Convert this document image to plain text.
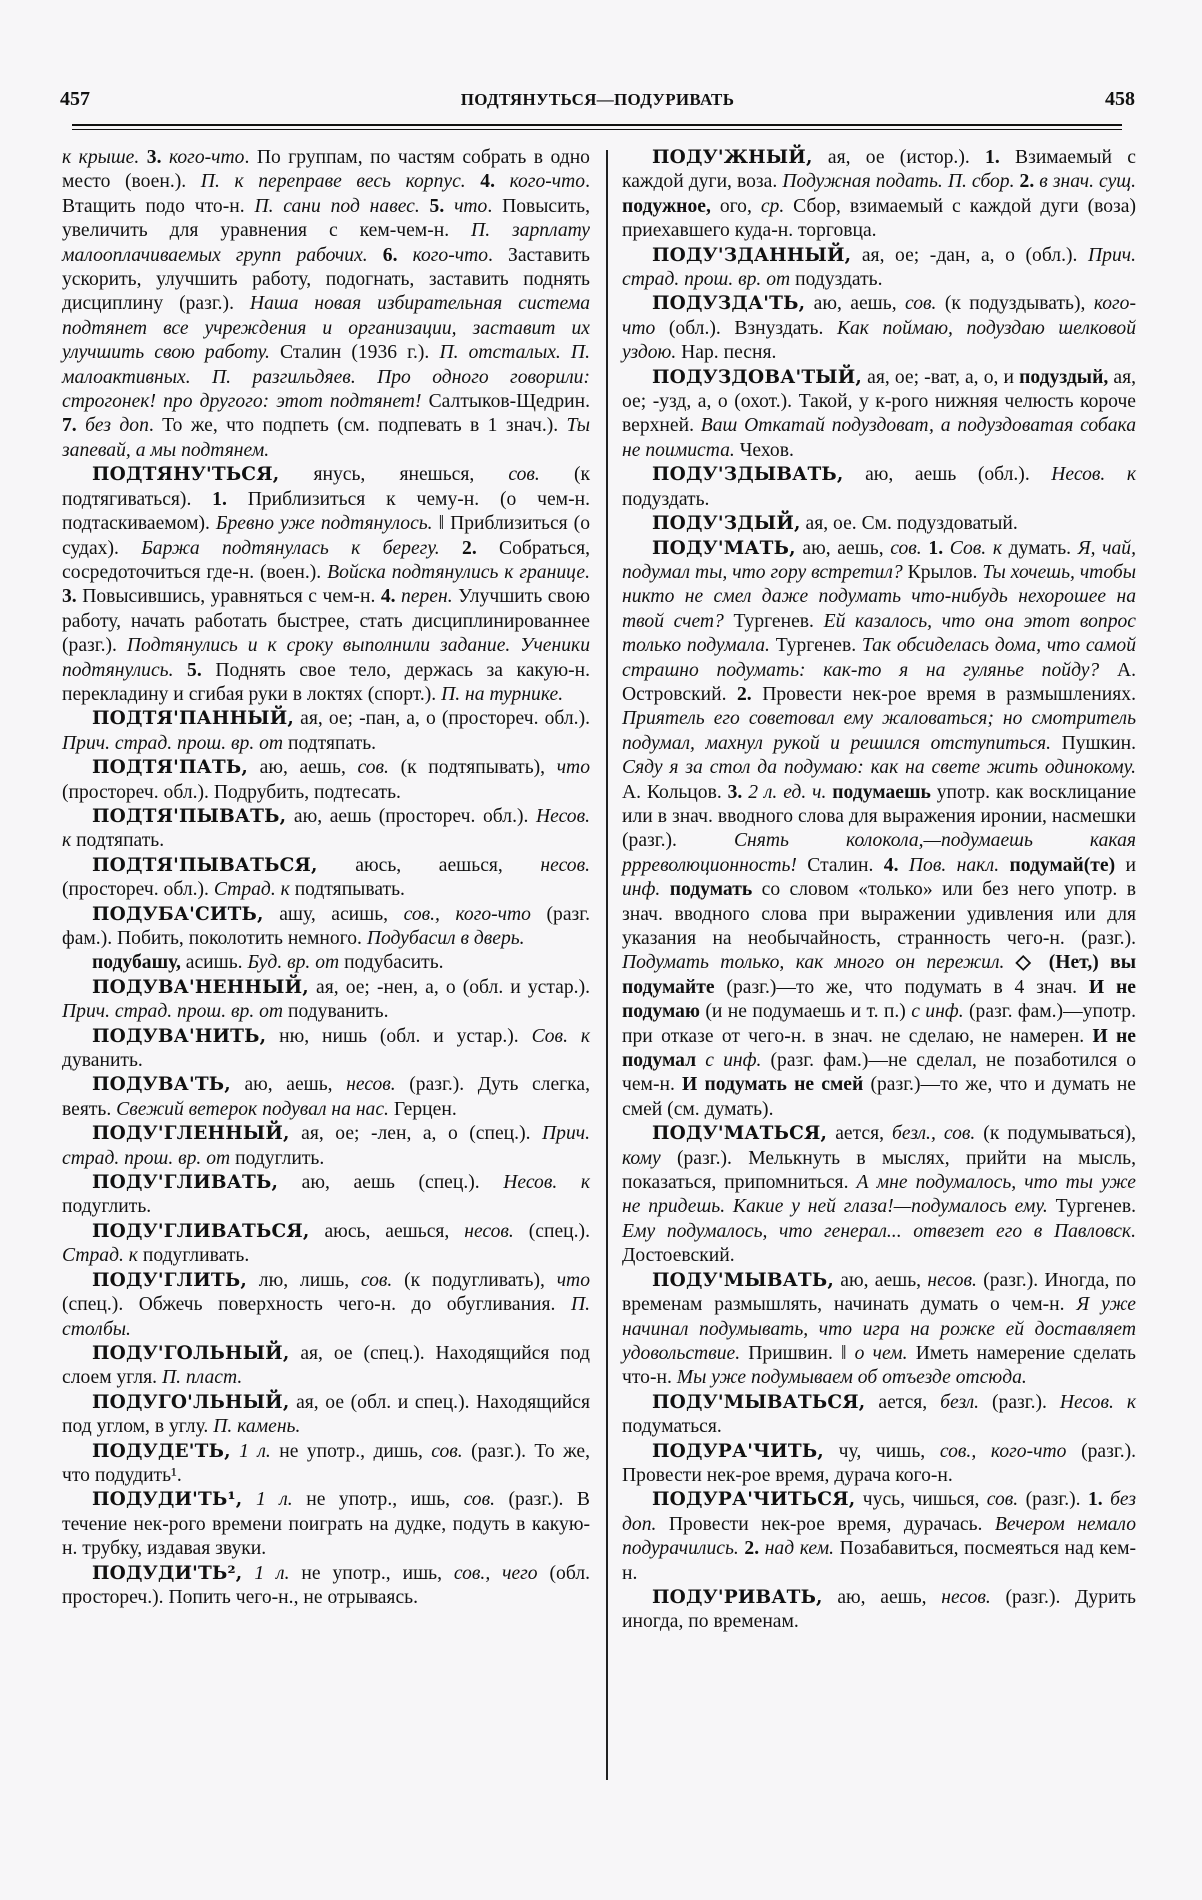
457	ПОДТЯНУТЬСЯ—ПОДУРИВАТЬ	458

к крыше. 3. кого-что. По группам, по частям собрать в одно место (воен.). П. к переправе весь корпус. 4. кого-что. Втащить подо что-н. П. сани под навес. 5. что. Повысить, увеличить для уравнения с кем-чем-н. П. зарплату малооплачиваемых групп рабочих. 6. кого-что. Заставить ускорить, улучшить работу, подогнать, заставить поднять дисциплину (разг.). Наша новая избирательная система подтянет все учреждения и организации, заставит их улучшить свою работу. Сталин (1936 г.). П. отсталых. П. малоактивных. П. разгильдяев. Про одного говорили: строгонек! про другого: этот подтянет! Салтыков-Щедрин. 7. без доп. То же, что подпеть (см. подпевать в 1 знач.). Ты запевай, а мы подтянем.

ПОДТЯНУ'ТЬСЯ, янусь, янешься, сов. (к подтягиваться). 1. Приблизиться к чему-н. (о чем-н. подтаскиваемом). Бревно уже подтянулось. ‖ Приблизиться (о судах). Баржа подтянулась к берегу. 2. Собраться, сосредоточиться где-н. (воен.). Войска подтянулись к границе. 3. Повысившись, уравняться с чем-н. 4. перен. Улучшить свою работу, начать работать быстрее, стать дисциплинированнее (разг.). Подтянулись и к сроку выполнили задание. Ученики подтянулись. 5. Поднять свое тело, держась за какую-н. перекладину и сгибая руки в локтях (спорт.). П. на турнике.

ПОДТЯ'ПАННЫЙ, ая, ое; -пан, а, о (простореч. обл.). Прич. страд. прош. вр. от подтяпать.

ПОДТЯ'ПАТЬ, аю, аешь, сов. (к подтяпывать), что (простореч. обл.). Подрубить, подтесать.

ПОДТЯ'ПЫВАТЬ, аю, аешь (простореч. обл.). Несов. к подтяпать.

ПОДТЯ'ПЫВАТЬСЯ, аюсь, аешься, несов. (простореч. обл.). Страд. к подтяпывать.

ПОДУБА'СИТЬ, ашу, асишь, сов., кого-что (разг. фам.). Побить, поколотить немного. Подубасил в дверь.

подубашу, асишь. Буд. вр. от подубасить.

ПОДУВА'НЕННЫЙ, ая, ое; -нен, а, о (обл. и устар.). Прич. страд. прош. вр. от подуванить.

ПОДУВА'НИТЬ, ню, нишь (обл. и устар.). Сов. к дуванить.

ПОДУВА'ТЬ, аю, аешь, несов. (разг.). Дуть слегка, веять. Свежий ветерок подувал на нас. Герцен.

ПОДУ'ГЛЕННЫЙ, ая, ое; -лен, а, о (спец.). Прич. страд. прош. вр. от подуглить.

ПОДУ'ГЛИВАТЬ, аю, аешь (спец.). Несов. к подуглить.

ПОДУ'ГЛИВАТЬСЯ, аюсь, аешься, несов. (спец.). Страд. к подугливать.

ПОДУ'ГЛИТЬ, лю, лишь, сов. (к подугливать), что (спец.). Обжечь поверхность чего-н. до обугливания. П. столбы.

ПОДУ'ГОЛЬНЫЙ, ая, ое (спец.). Находящийся под слоем угля. П. пласт.

ПОДУГО'ЛЬНЫЙ, ая, ое (обл. и спец.). Находящийся под углом, в углу. П. камень.

ПОДУДЕ'ТЬ, 1 л. не употр., дишь, сов. (разг.). То же, что подудить¹.

ПОДУДИ'ТЬ¹, 1 л. не употр., ишь, сов. (разг.). В течение нек-рого времени поиграть на дудке, подуть в какую-н. трубку, издавая звуки.

ПОДУДИ'ТЬ², 1 л. не употр., ишь, сов., чего (обл. простореч.). Попить чего-н., не отрываясь.

ПОДУ'ЖНЫЙ, ая, ое (истор.). 1. Взимаемый с каждой дуги, воза. Подужная подать. П. сбор. 2. в знач. сущ. подужное, ого, ср. Сбор, взимаемый с каждой дуги (воза) приехавшего куда-н. торговца.

ПОДУ'ЗДАННЫЙ, ая, ое; -дан, а, о (обл.). Прич. страд. прош. вр. от подуздать.

ПОДУЗДА'ТЬ, аю, аешь, сов. (к подуздывать), кого-что (обл.). Взнуздать. Как поймаю, подуздаю шелковой уздою. Нар. песня.

ПОДУЗДОВА'ТЫЙ, ая, ое; -ват, а, о, и подуздый, ая, ое; -узд, а, о (охот.). Такой, у к-рого нижняя челюсть короче верхней. Ваш Откатай подуздоват, а подуздоватая собака не поимиста. Чехов.

ПОДУ'ЗДЫВАТЬ, аю, аешь (обл.). Несов. к подуздать.

ПОДУ'ЗДЫЙ, ая, ое. См. подуздоватый.

ПОДУ'МАТЬ, аю, аешь, сов. 1. Сов. к думать. Я, чай, подумал ты, что гору встретил? Крылов. Ты хочешь, чтобы никто не смел даже подумать что-нибудь нехорошее на твой счет? Тургенев. Ей казалось, что она этот вопрос только подумала. Тургенев. Так обсиделась дома, что самой страшно подумать: как-то я на гулянье пойду? А. Островский. 2. Провести нек-рое время в размышлениях. Приятель его советовал ему жаловаться; но смотритель подумал, махнул рукой и решился отступиться. Пушкин. Сяду я за стол да подумаю: как на свете жить одинокому. А. Кольцов. 3. 2 л. ед. ч. подумаешь употр. как восклицание или в знач. вводного слова для выражения иронии, насмешки (разг.). Снять колокола,—подумаешь какая ррреволюционность! Сталин. 4. Пов. накл. подумай(те) и инф. подумать со словом «только» или без него употр. в знач. вводного слова при выражении удивления или для указания на необычайность, странность чего-н. (разг.). Подумать только, как много он пережил. ◇ (Нет,) вы подумайте (разг.)—то же, что подумать в 4 знач. И не подумаю (и не подумаешь и т. п.) с инф. (разг. фам.)—употр. при отказе от чего-н. в знач. не сделаю, не намерен. И не подумал с инф. (разг. фам.)—не сделал, не позаботился о чем-н. И подумать не смей (разг.)—то же, что и думать не смей (см. думать).

ПОДУ'МАТЬСЯ, ается, безл., сов. (к подумываться), кому (разг.). Мелькнуть в мыслях, прийти на мысль, показаться, припомниться. А мне подумалось, что ты уже не придешь. Какие у ней глаза!—подумалось ему. Тургенев. Ему подумалось, что генерал... отвезет его в Павловск. Достоевский.

ПОДУ'МЫВАТЬ, аю, аешь, несов. (разг.). Иногда, по временам размышлять, начинать думать о чем-н. Я уже начинал подумывать, что игра на рожке ей доставляет удовольствие. Пришвин. ‖ о чем. Иметь намерение сделать что-н. Мы уже подумываем об отъезде отсюда.

ПОДУ'МЫВАТЬСЯ, ается, безл. (разг.). Несов. к подуматься.

ПОДУРА'ЧИТЬ, чу, чишь, сов., кого-что (разг.). Провести нек-рое время, дурача кого-н.

ПОДУРА'ЧИТЬСЯ, чусь, чишься, сов. (разг.). 1. без доп. Провести нек-рое время, дурачась. Вечером немало подурачились. 2. над кем. Позабавиться, посмеяться над кем-н.

ПОДУ'РИВАТЬ, аю, аешь, несов. (разг.). Дурить иногда, по временам.
